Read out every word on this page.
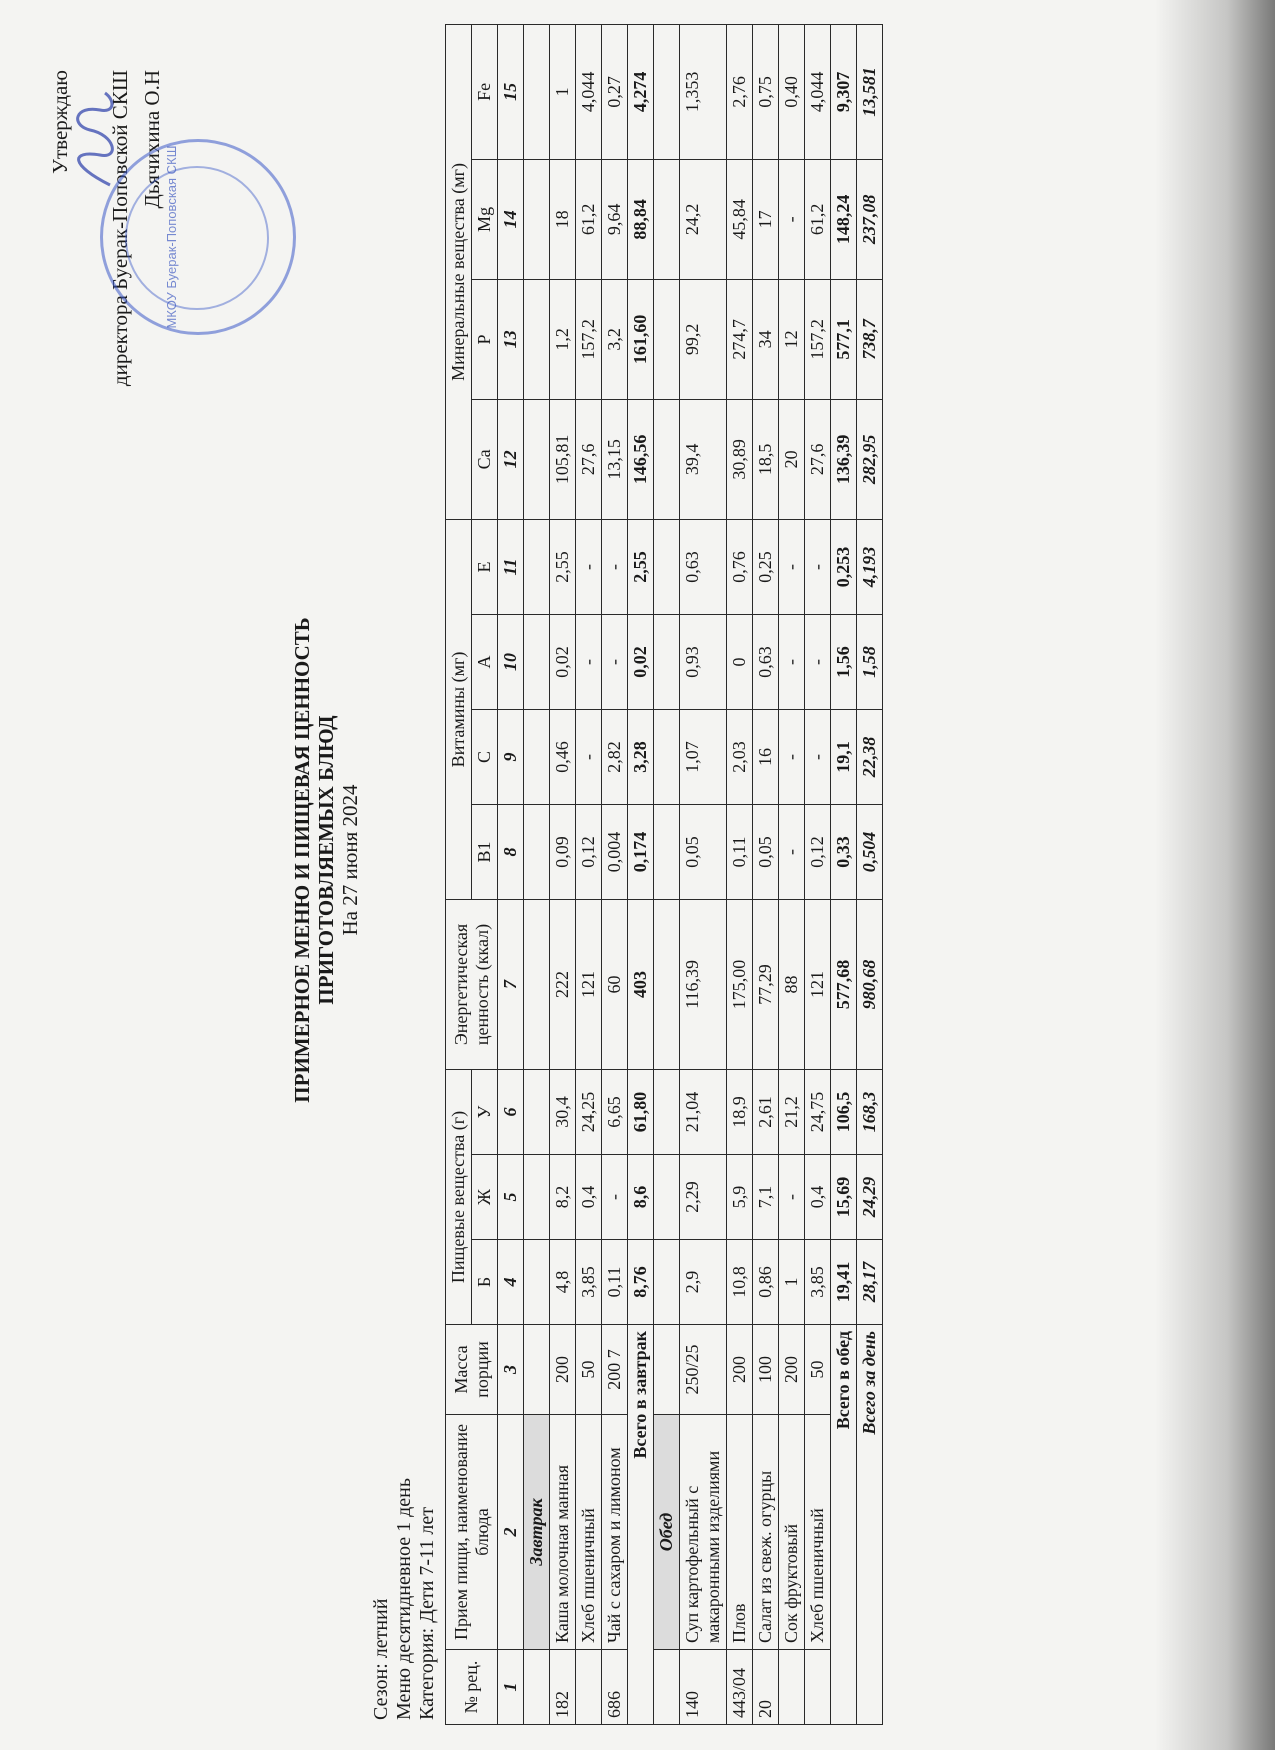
Утверждаю директора Буерак-Поповской СКШ Дьячихина О.Н
МКОУ Буерак-Поповская СКШ
ПРИМЕРНОЕ МЕНЮ И ПИЩЕВАЯ ЦЕННОСТЬ ПРИГОТОВЛЯЕМЫХ БЛЮД На 27 июня 2024
Сезон: летний Меню десятидневное 1 день Категория: Дети 7-11 лет № рец.	Прием пищи, наименование блюда	Масса порции	Пищевые вещества (г)			Энергетическая ценность (ккал)	Витамины (мг)				Минеральные вещества (мг)			
			Б	Ж	У		B1	C	A	E	Ca	P	Mg	Fe
1	2	3	4	5	6	7	8	9	10	11	12	13	14	15
	Завтрак													
182	Каша молочная манная	200	4,8	8,2	30,4	222	0,09	0,46	0,02	2,55	105,81	1,2	18	1
	Хлеб пшеничный	50	3,85	0,4	24,25	121	0,12	-	-	-	27,6	157,2	61,2	4,044
686	Чай с сахаром и лимоном	200 7	0,11	-	6,65	60	0,004	2,82	-	-	13,15	3,2	9,64	0,27
Всего в завтрак			8,76	8,6	61,80	403	0,174	3,28	0,02	2,55	146,56	161,60	88,84	4,274
	Обед													
140	Суп картофельный с макаронными изделиями	250/25	2,9	2,29	21,04	116,39	0,05	1,07	0,93	0,63	39,4	99,2	24,2	1,353
443/04	Плов	200	10,8	5,9	18,9	175,00	0,11	2,03	0	0,76	30,89	274,7	45,84	2,76
20	Салат из свеж. огурцы	100	0,86	7,1	2,61	77,29	0,05	16	0,63	0,25	18,5	34	17	0,75
	Сок фруктовый	200	1	-	21,2	88	-	-	-	-	20	12	-	0,40
	Хлеб пшеничный	50	3,85	0,4	24,75	121	0,12	-	-	-	27,6	157,2	61,2	4,044
Всего в обед			19,41	15,69	106,5	577,68	0,33	19,1	1,56	0,253	136,39	577,1	148,24	9,307
Всего за день			28,17	24,29	168,3	980,68	0,504	22,38	1,58	4,193	282,95	738,7	237,08	13,581
